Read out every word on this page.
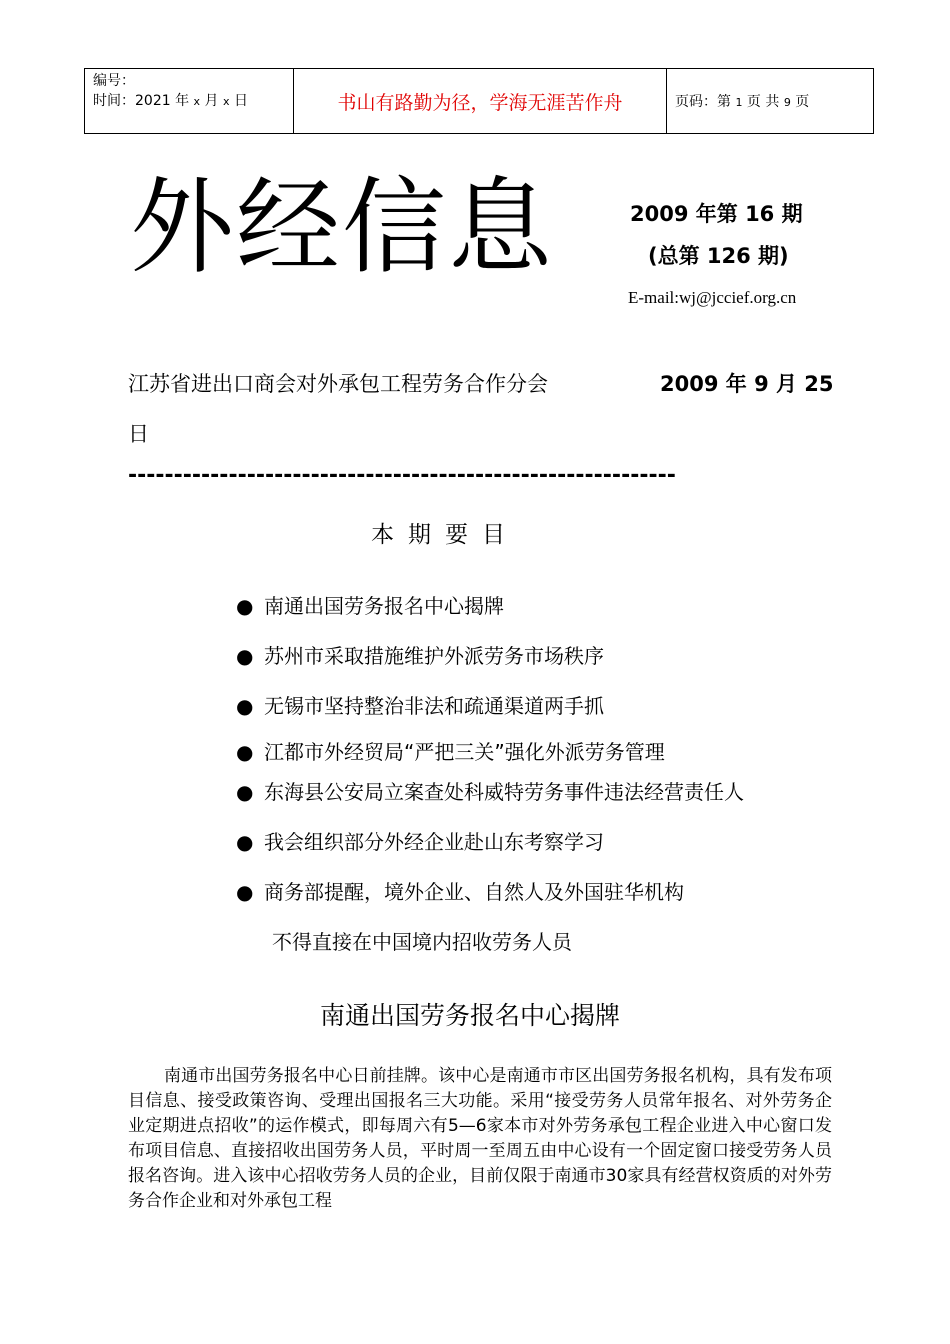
编号：
时间：2021 年 x 月 x 日	书山有路勤为径，学海无涯苦作舟	页码：第 1 页 共 9 页
外经信息	2009 年第 16 期
(总第 126 期)
E-mail:wj@jccief.org.cn
江苏省进出口商会对外承包工程劳务合作分会	2009 年 9 月 25
日
------------------------------------------------------------
本期要目
● 南通出国劳务报名中心揭牌
● 苏州市采取措施维护外派劳务市场秩序
● 无锡市坚持整治非法和疏通渠道两手抓
● 江都市外经贸局“严把三关”强化外派劳务管理
● 东海县公安局立案查处科威特劳务事件违法经营责任人
● 我会组织部分外经企业赴山东考察学习
● 商务部提醒，境外企业、自然人及外国驻华机构
不得直接在中国境内招收劳务人员
南通出国劳务报名中心揭牌

南通市出国劳务报名中心日前挂牌。该中心是南通市市区出国劳务报名机构，具有发布项目信息、接受政策咨询、受理出国报名三大功能。采用“接受劳务人员常年报名、对外劳务企业定期进点招收”的运作模式，即每周六有5—6家本市对外劳务承包工程企业进入中心窗口发布项目信息、直接招收出国劳务人员，平时周一至周五由中心设有一个固定窗口接受劳务人员报名咨询。进入该中心招收劳务人员的企业，目前仅限于南通市30家具有经营权资质的对外劳务合作企业和对外承包工程
